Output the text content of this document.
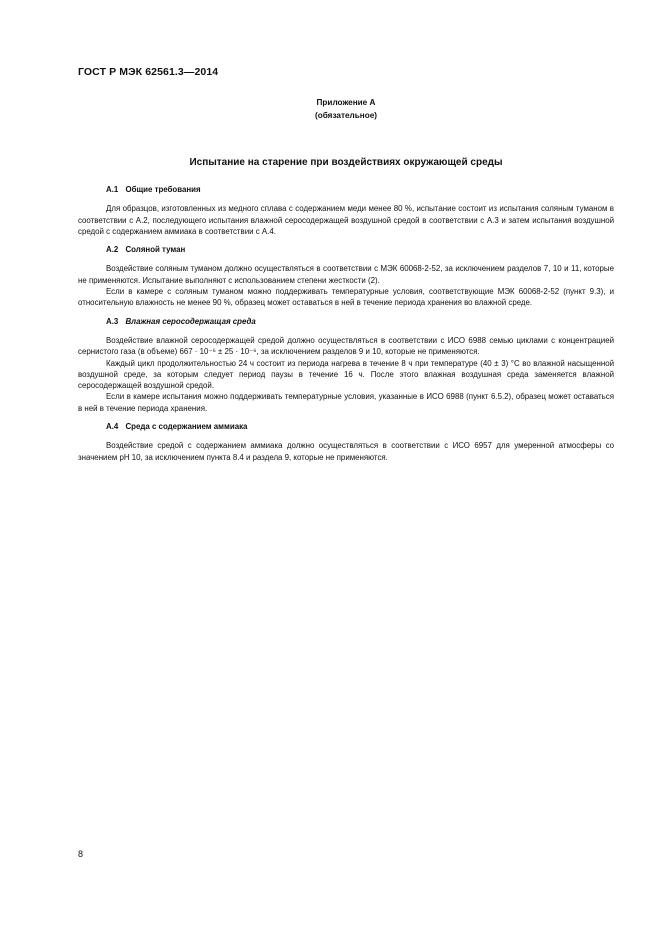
ГОСТ Р МЭК 62561.3—2014
Приложение А
(обязательное)
Испытание на старение при воздействиях окружающей среды
А.1 Общие требования

Для образцов, изготовленных из медного сплава с содержанием меди менее 80 %, испытание состоит из испытания соляным туманом в соответствии с А.2, последующего испытания влажной серосодержащей воздушной средой в соответствии с А.3 и затем испытания воздушной средой с содержанием аммиака в соответствии с А.4.

А.2 Соляной туман

Воздействие соляным туманом должно осуществляться в соответствии с МЭК 60068-2-52, за исключением разделов 7, 10 и 11, которые не применяются. Испытание выполняют с использованием степени жесткости (2).

Если в камере с соляным туманом можно поддерживать температурные условия, соответствующие МЭК 60068-2-52 (пункт 9.3), и относительную влажность не менее 90 %, образец может оставаться в ней в течение периода хранения во влажной среде.

А.3 Влажная серосодержащая среда

Воздействие влажной серосодержащей средой должно осуществляться в соответствии с ИСО 6988 семью циклами с концентрацией сернистого газа (в объеме) 667 · 10⁻⁶ ± 25 · 10⁻⁶, за исключением разделов 9 и 10, которые не применяются.

Каждый цикл продолжительностью 24 ч состоит из периода нагрева в течение 8 ч при температуре (40 ± 3) °С во влажной насыщенной воздушной среде, за которым следует период паузы в течение 16 ч. После этого влажная воздушная среда заменяется влажной серосодержащей воздушной средой.

Если в камере испытания можно поддерживать температурные условия, указанные в ИСО 6988 (пункт 6.5.2), образец может оставаться в ней в течение периода хранения.

А.4 Среда с содержанием аммиака

Воздействие средой с содержанием аммиака должно осуществляться в соответствии с ИСО 6957 для умеренной атмосферы со значением pH 10, за исключением пункта 8.4 и раздела 9, которые не применяются.

8
